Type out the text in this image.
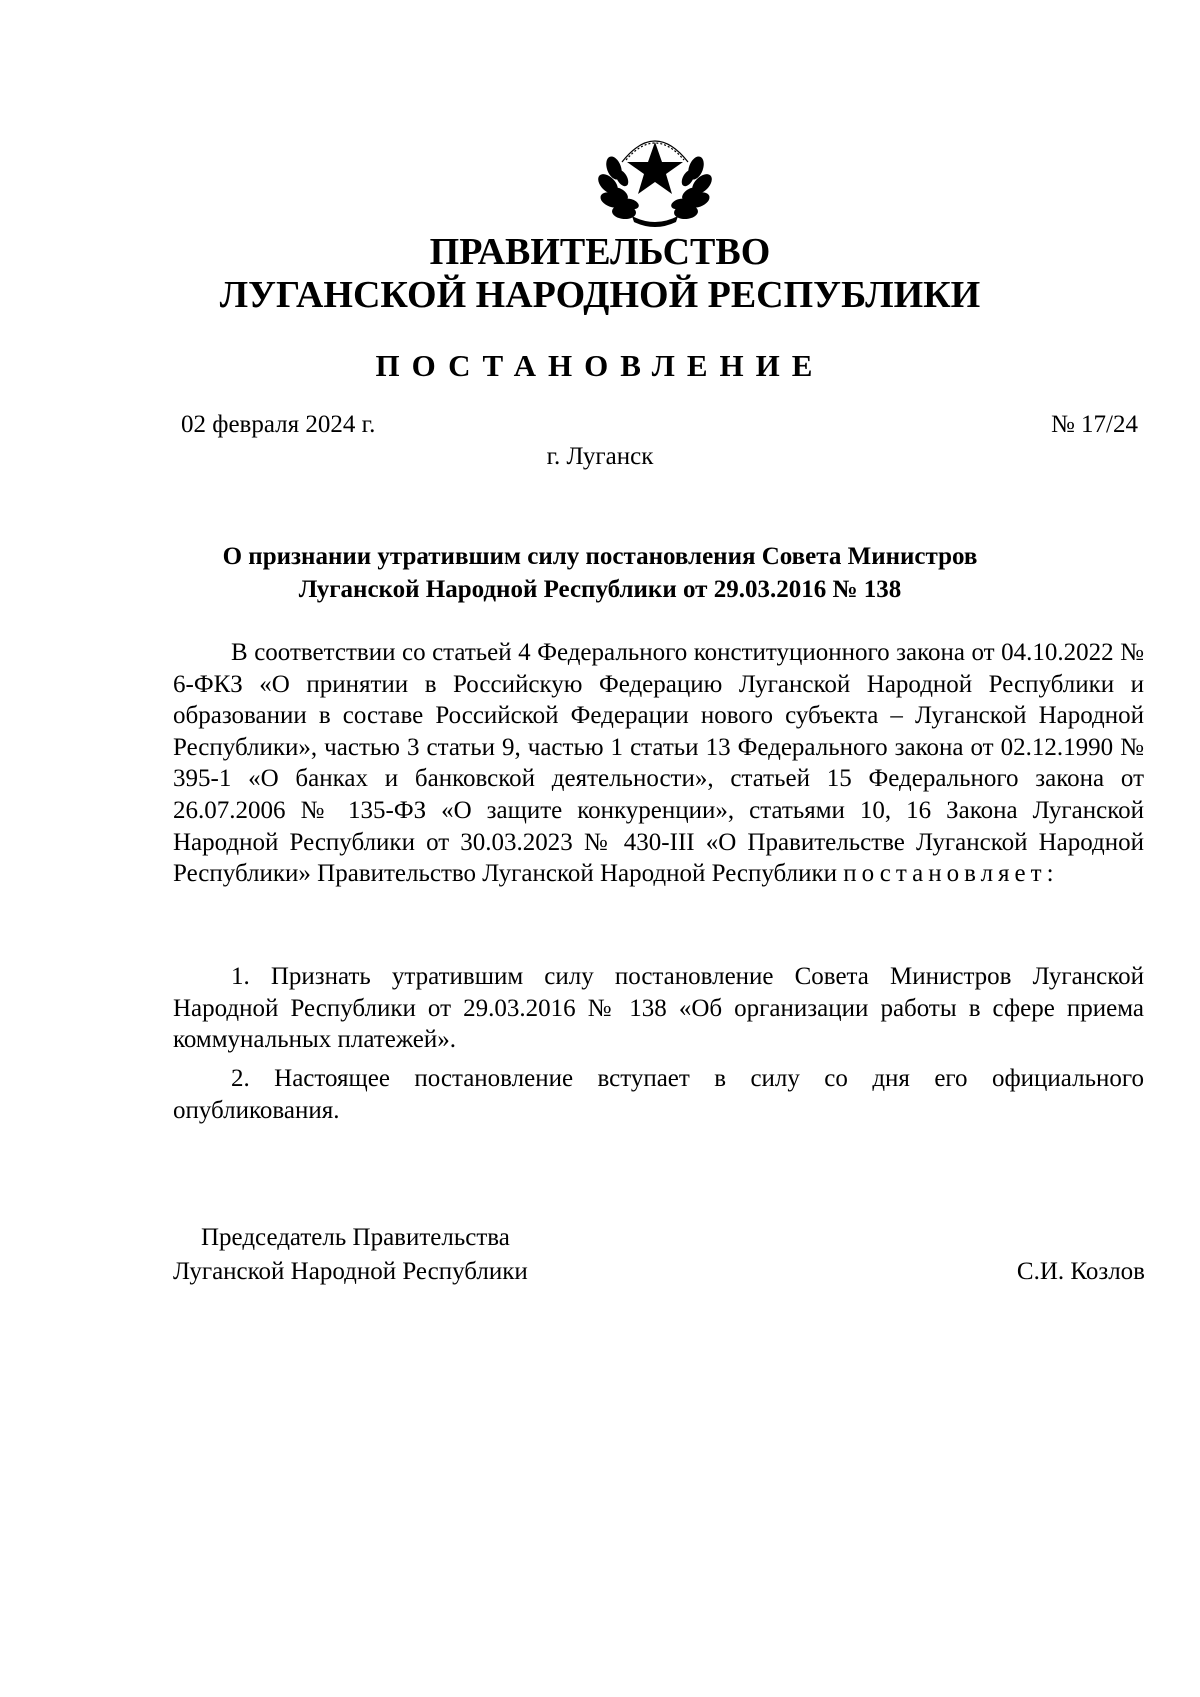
ПРАВИТЕЛЬСТВО
ЛУГАНСКОЙ НАРОДНОЙ РЕСПУБЛИКИ
ПОСТАНОВЛЕНИЕ
02 февраля 2024 г.	№ 17/24
г. Луганск
О признании утратившим силу постановления Совета Министров
Луганской Народной Республики от 29.03.2016 № 138

В соответствии со статьей 4 Федерального конституционного закона от 04.10.2022 № 6-ФКЗ «О принятии в Российскую Федерацию Луганской Народной Республики и образовании в составе Российской Федерации нового субъекта – Луганской Народной Республики», частью 3 статьи 9, частью 1 статьи 13 Федерального закона от 02.12.1990 № 395-1 «О банках и банковской деятельности», статьей 15 Федерального закона от 26.07.2006 № 135-ФЗ «О защите конкуренции», статьями 10, 16 Закона Луганской Народной Республики от 30.03.2023 № 430-III «О Правительстве Луганской Народной Республики» Правительство Луганской Народной Республики постановляет:

1. Признать утратившим силу постановление Совета Министров Луганской Народной Республики от 29.03.2016 № 138 «Об организации работы в сфере приема коммунальных платежей».

2. Настоящее постановление вступает в силу со дня его официального опубликования.

Председатель Правительства
Луганской Народной Республики	С.И. Козлов
